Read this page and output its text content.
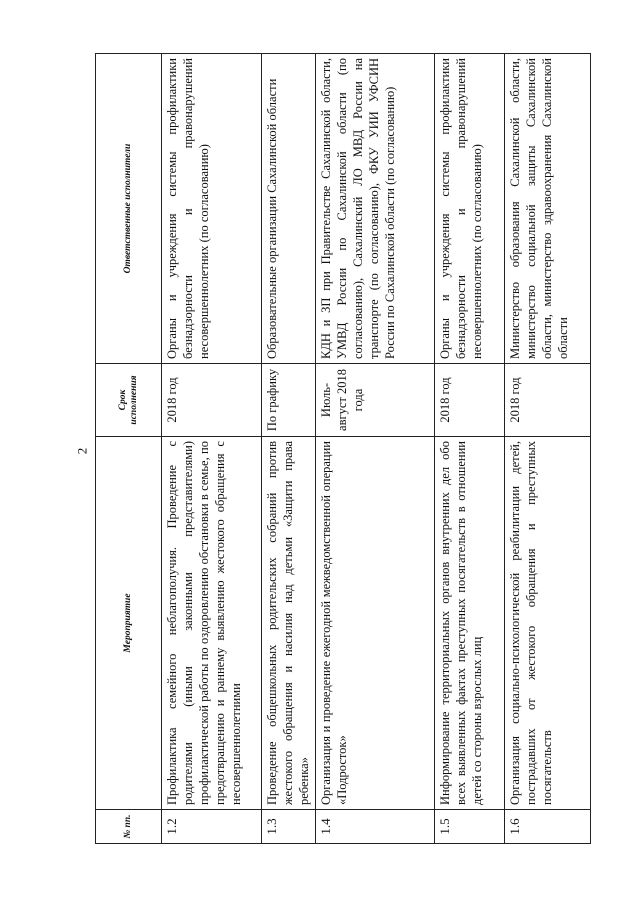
2
№ пп.	Мероприятие	Срок исполнения	Ответственные исполнители
1.2	Профилактика семейного неблагополучия. Проведение с родителями (иными законными представителями) профилактической работы по оздоровлению обстановки в семье, по предотвращению и раннему выявлению жестокого обращения с несовершеннолетними	2018 год	Органы и учреждения системы профилактики безнадзорности и правонарушений несовершеннолетних (по согласованию)
1.3	Проведение общешкольных родительских собраний против жестокого обращения и насилия над детьми «Защити права ребенка»	По графику	Образовательные организации Сахалинской области
1.4	Организация и проведение ежегодной межведомственной операции «Подросток»	Июль-август 2018 года	КДН и ЗП при Правительстве Сахалинской области, УМВД России по Сахалинской области (по согласованию), Сахалинский ЛО МВД России на транспорте (по согласованию), ФКУ УИИ УФСИН России по Сахалинской области (по согласованию)
1.5	Информирование территориальных органов внутренних дел обо всех выявленных фактах преступных посягательств в отношении детей со стороны взрослых лиц	2018 год	Органы и учреждения системы профилактики безнадзорности и правонарушений несовершеннолетних (по согласованию)
1.6	Организация социально-психологической реабилитации детей, пострадавших от жестокого обращения и преступных посягательств	2018 год	Министерство образования Сахалинской области, министерство социальной защиты Сахалинской области, министерство здравоохранения Сахалинской области
